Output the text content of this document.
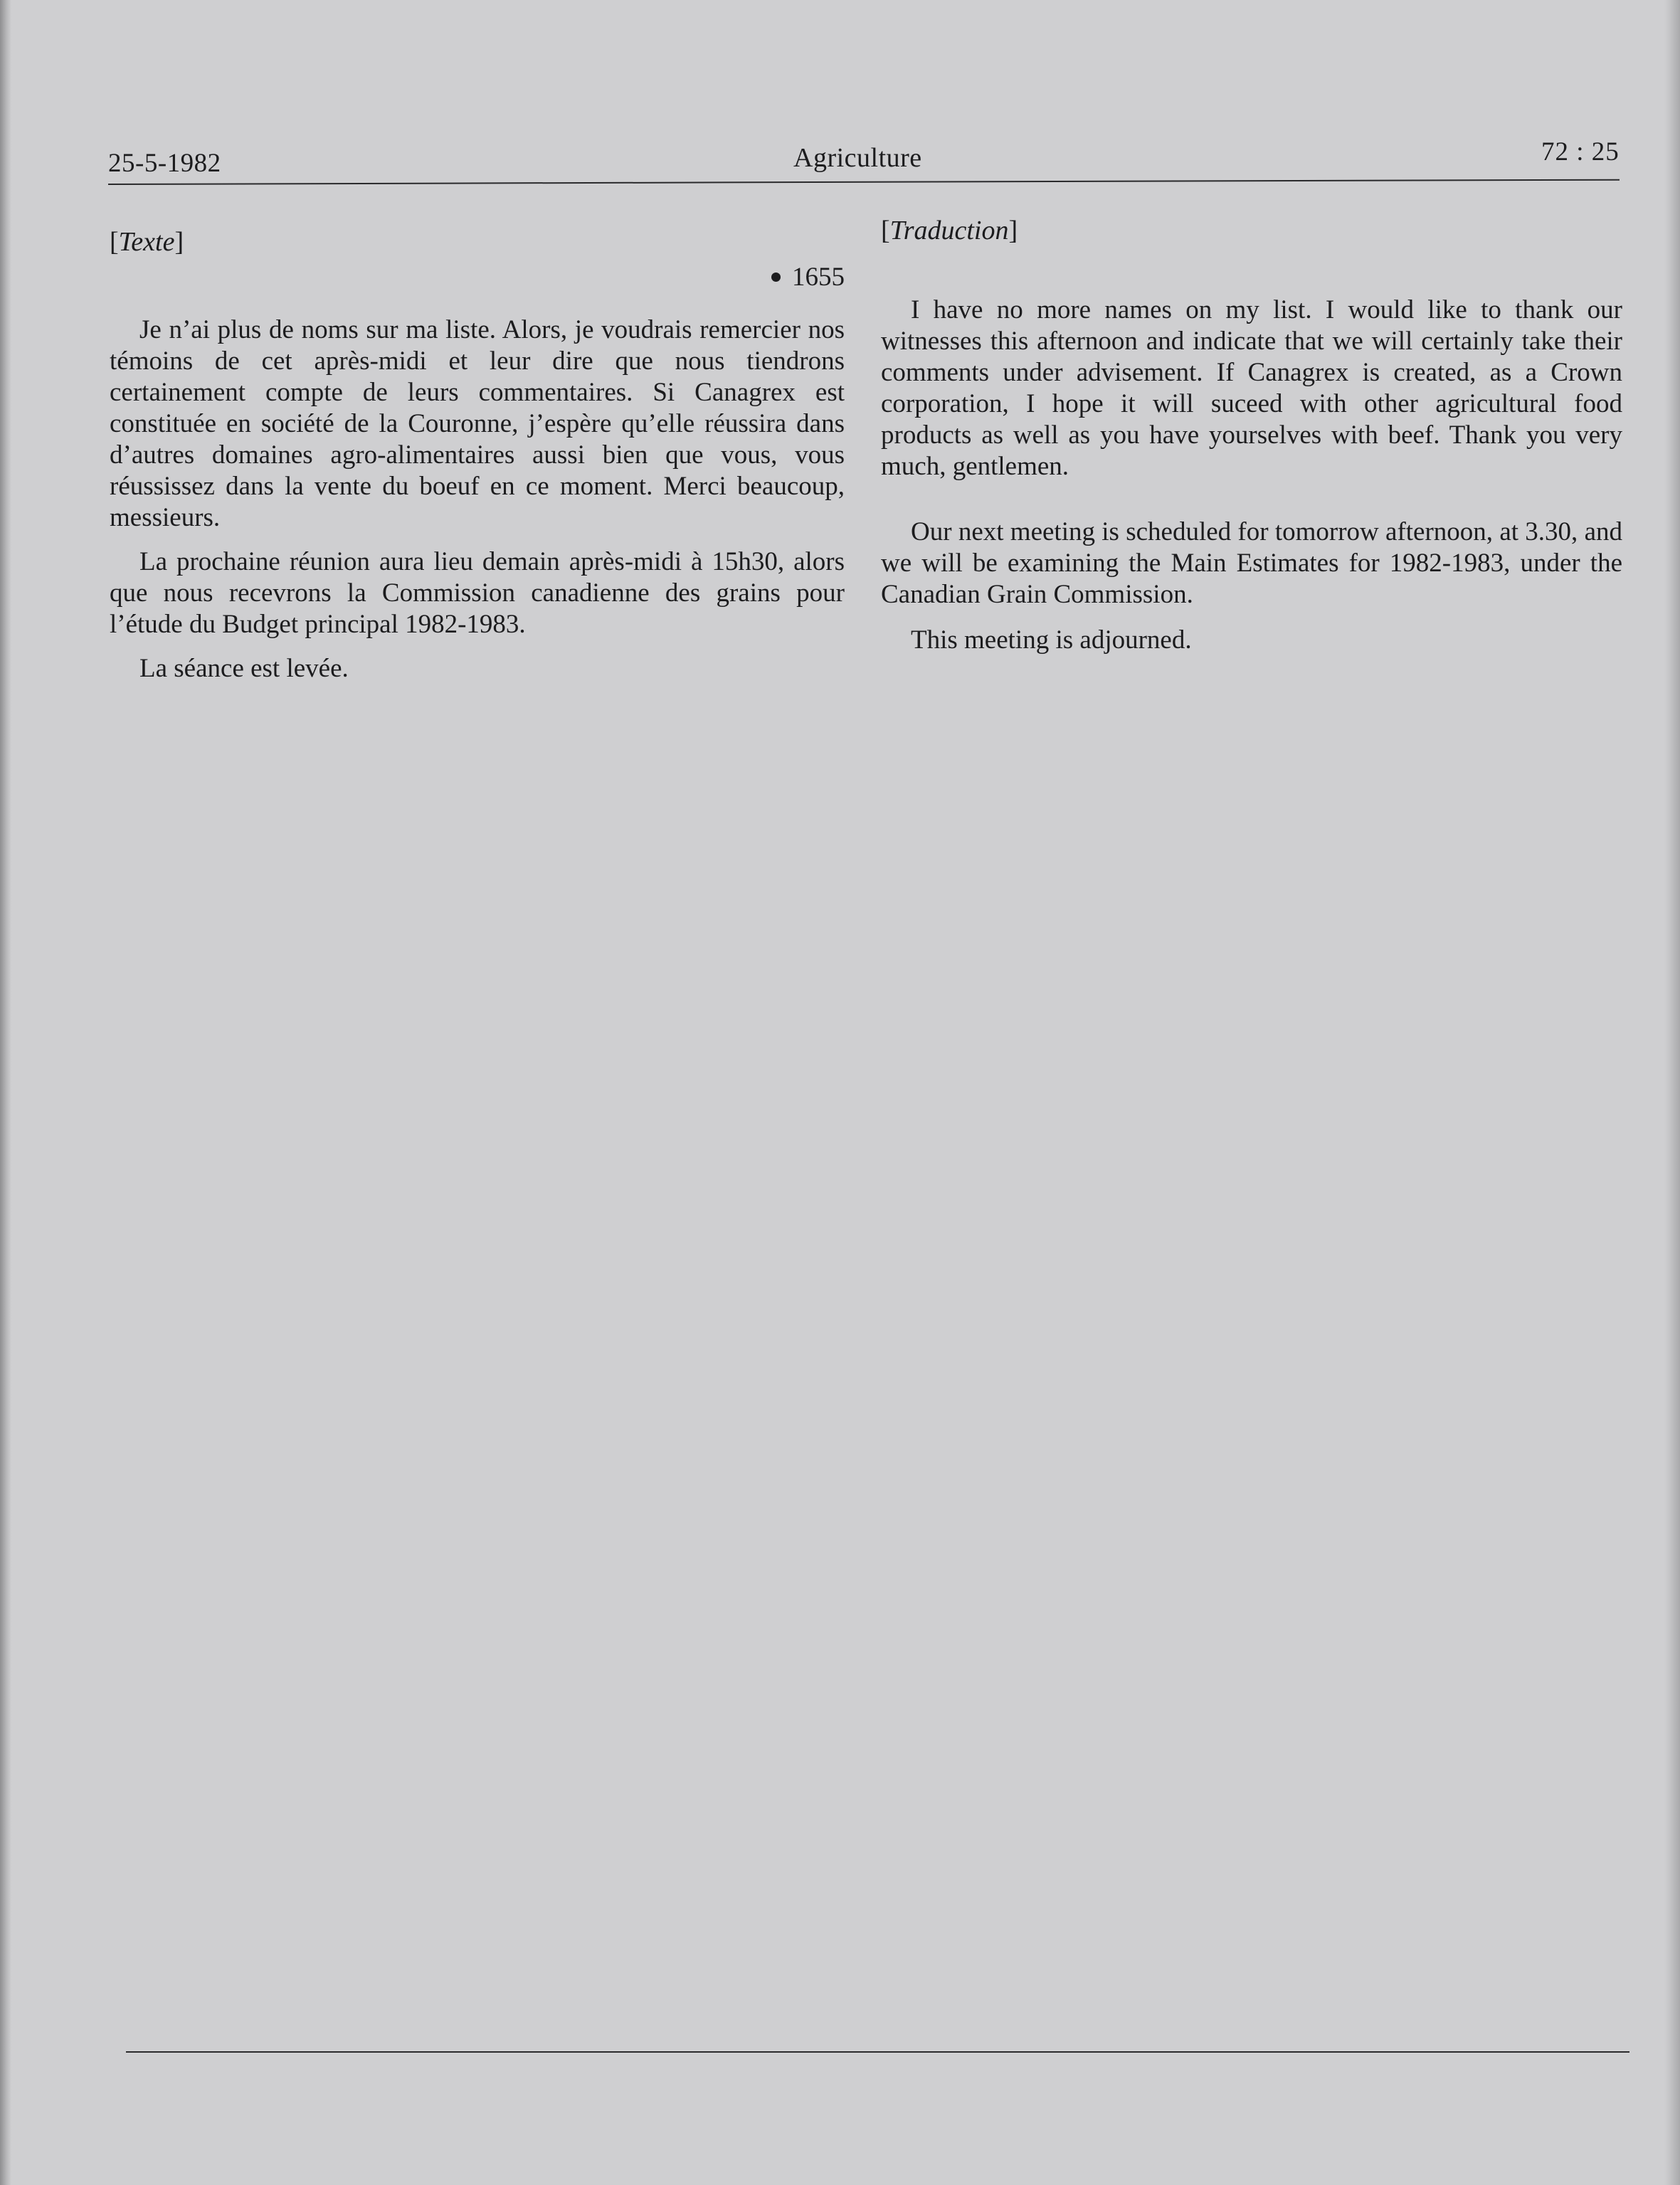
25-5-1982	Agriculture	72 : 25

[Texte]

1655

Je n’ai plus de noms sur ma liste. Alors, je voudrais remercier nos témoins de cet après-midi et leur dire que nous tiendrons certainement compte de leurs commentaires. Si Canagrex est constituée en société de la Couronne, j’espère qu’elle réussira dans d’autres domaines agro-alimentaires aussi bien que vous, vous réussissez dans la vente du boeuf en ce moment. Merci beaucoup, messieurs.

La prochaine réunion aura lieu demain après-midi à 15h30, alors que nous recevrons la Commission canadienne des grains pour l’étude du Budget principal 1982-1983.

La séance est levée.

[Traduction]

I have no more names on my list. I would like to thank our witnesses this afternoon and indicate that we will certainly take their comments under advisement. If Canagrex is created, as a Crown corporation, I hope it will suceed with other agricultural food products as well as you have yourselves with beef. Thank you very much, gentlemen.

Our next meeting is scheduled for tomorrow afternoon, at 3.30, and we will be examining the Main Estimates for 1982-1983, under the Canadian Grain Commission.

This meeting is adjourned.
